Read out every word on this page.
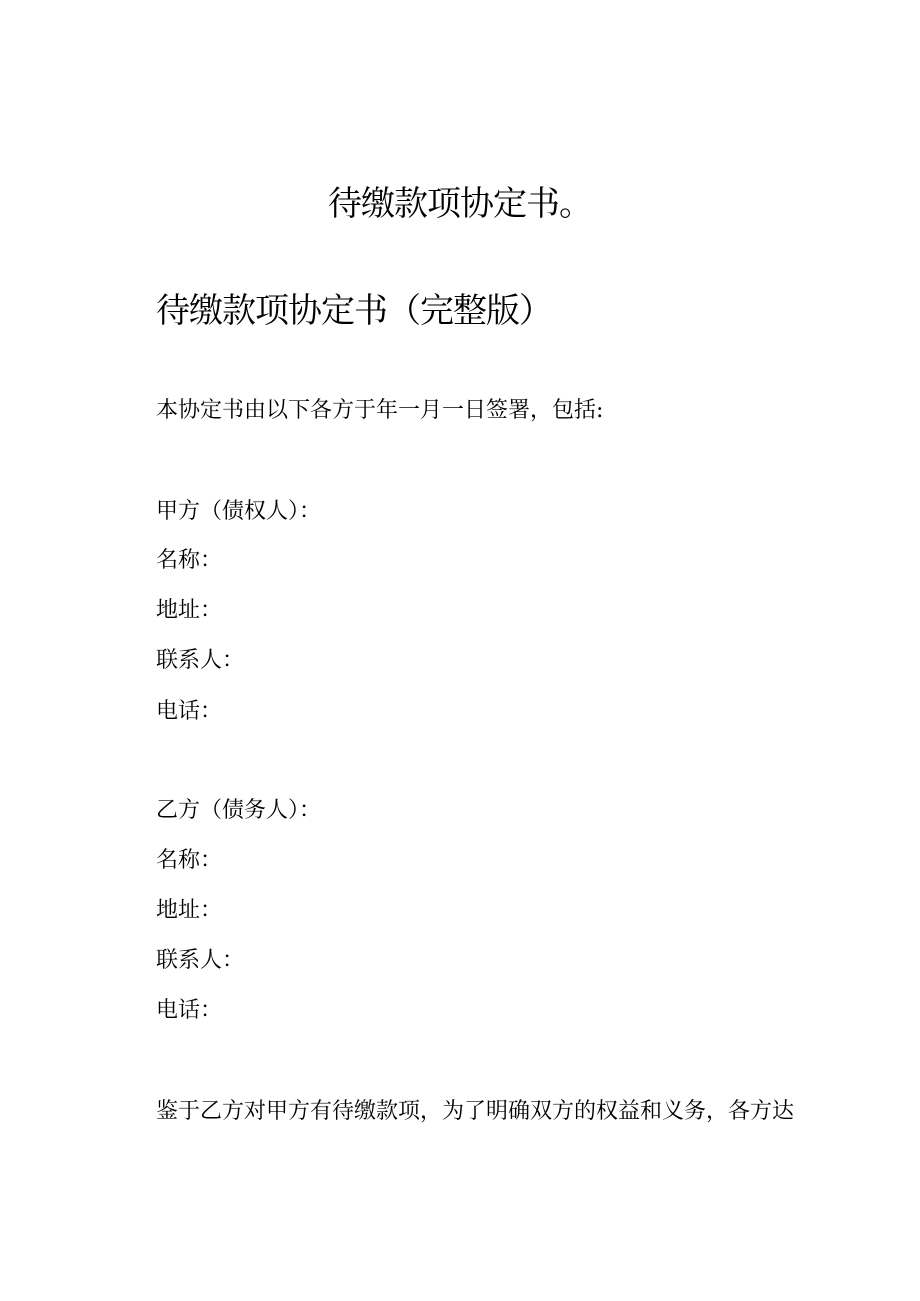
待缴款项协定书。
待缴款项协定书（完整版）

本协定书由以下各方于年一月一日签署，包括:

甲方（债权人）：

名称：

地址：

联系人：

电话：

乙方（债务人）：

名称：

地址：

联系人：

电话：

鉴于乙方对甲方有待缴款项，为了明确双方的权益和义务，各方达
